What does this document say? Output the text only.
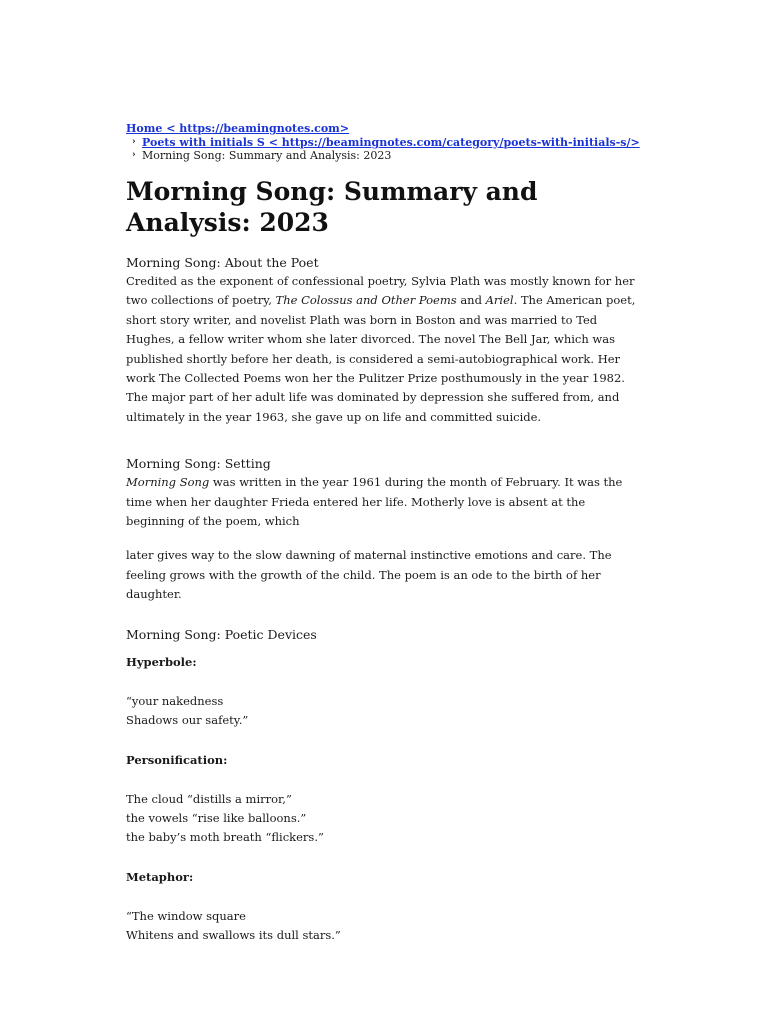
Home < https://beamingnotes.com>
› Poets with initials S < https://beamingnotes.com/category/poets-with-initials-s/>
› Morning Song: Summary and Analysis: 2023
Morning Song: Summary and Analysis: 2023
Morning Song: About the Poet

Credited as the exponent of confessional poetry, Sylvia Plath was mostly known for her two collections of poetry, The Colossus and Other Poems and Ariel. The American poet, short story writer, and novelist Plath was born in Boston and was married to Ted Hughes, a fellow writer whom she later divorced. The novel The Bell Jar, which was published shortly before her death, is considered a semi-autobiographical work. Her work The Collected Poems won her the Pulitzer Prize posthumously in the year 1982. The major part of her adult life was dominated by depression she suffered from, and ultimately in the year 1963, she gave up on life and committed suicide.

Morning Song: Setting

Morning Song was written in the year 1961 during the month of February. It was the time when her daughter Frieda entered her life. Motherly love is absent at the beginning of the poem, which

later gives way to the slow dawning of maternal instinctive emotions and care. The feeling grows with the growth of the child. The poem is an ode to the birth of her daughter.

Morning Song: Poetic Devices
Hyperbole:
“your nakedness
Shadows our safety.”
Personification:
The cloud “distills a mirror,”
the vowels “rise like balloons.”
the baby’s moth breath “flickers.”
Metaphor:
“The window square
Whitens and swallows its dull stars.”
